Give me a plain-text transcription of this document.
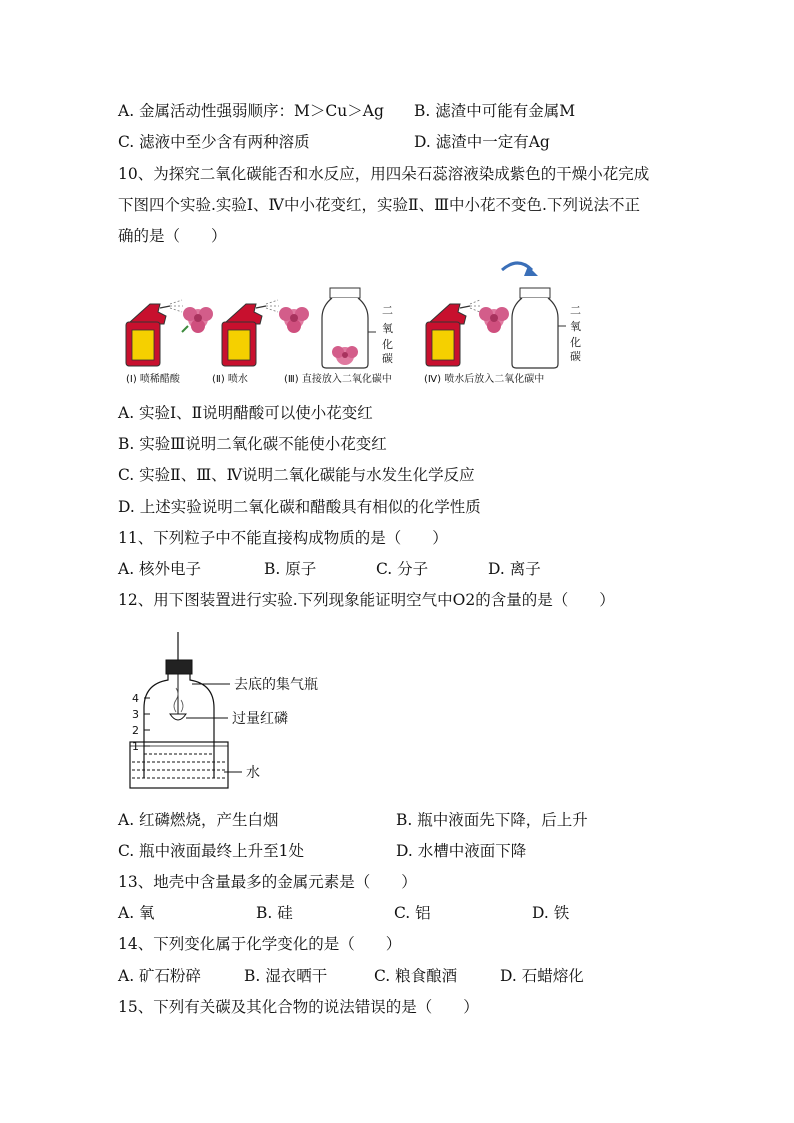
A. 金属活动性强弱顺序：M＞Cu＞Ag B. 滤渣中可能有金属M
C. 滤液中至少含有两种溶质	D. 滤渣中一定有Ag
10、为探究二氧化碳能否和水反应，用四朵石蕊溶液染成紫色的干燥小花完成
下图四个实验.实验Ⅰ、Ⅳ中小花变红，实验Ⅱ、Ⅲ中小花不变色.下列说法不正
确的是（　　）
二
氧
化
碳
二
氧
化
碳
(Ⅰ) 喷稀醋酸	(Ⅱ) 喷水	(Ⅲ) 直接放入二氧化碳中	(Ⅳ) 喷水后放入二氧化碳中
A. 实验Ⅰ、Ⅱ说明醋酸可以使小花变红
B. 实验Ⅲ说明二氧化碳不能使小花变红
C. 实验Ⅱ、Ⅲ、Ⅳ说明二氧化碳能与水发生化学反应
D. 上述实验说明二氧化碳和醋酸具有相似的化学性质
11、下列粒子中不能直接构成物质的是（　　）
A. 核外电子	B. 原子	C. 分子	D. 离子
12、用下图装置进行实验.下列现象能证明空气中O2的含量的是（　　）
4
3
2
1
去底的集气瓶
过量红磷
水
A. 红磷燃烧，产生白烟	B. 瓶中液面先下降，后上升
C. 瓶中液面最终上升至1处	D. 水槽中液面下降
13、地壳中含量最多的金属元素是（　　）
A. 氧	B. 硅	C. 铝	D. 铁
14、下列变化属于化学变化的是（　　）
A. 矿石粉碎	B. 湿衣晒干	C. 粮食酿酒	D. 石蜡熔化
15、下列有关碳及其化合物的说法错误的是（　　）
